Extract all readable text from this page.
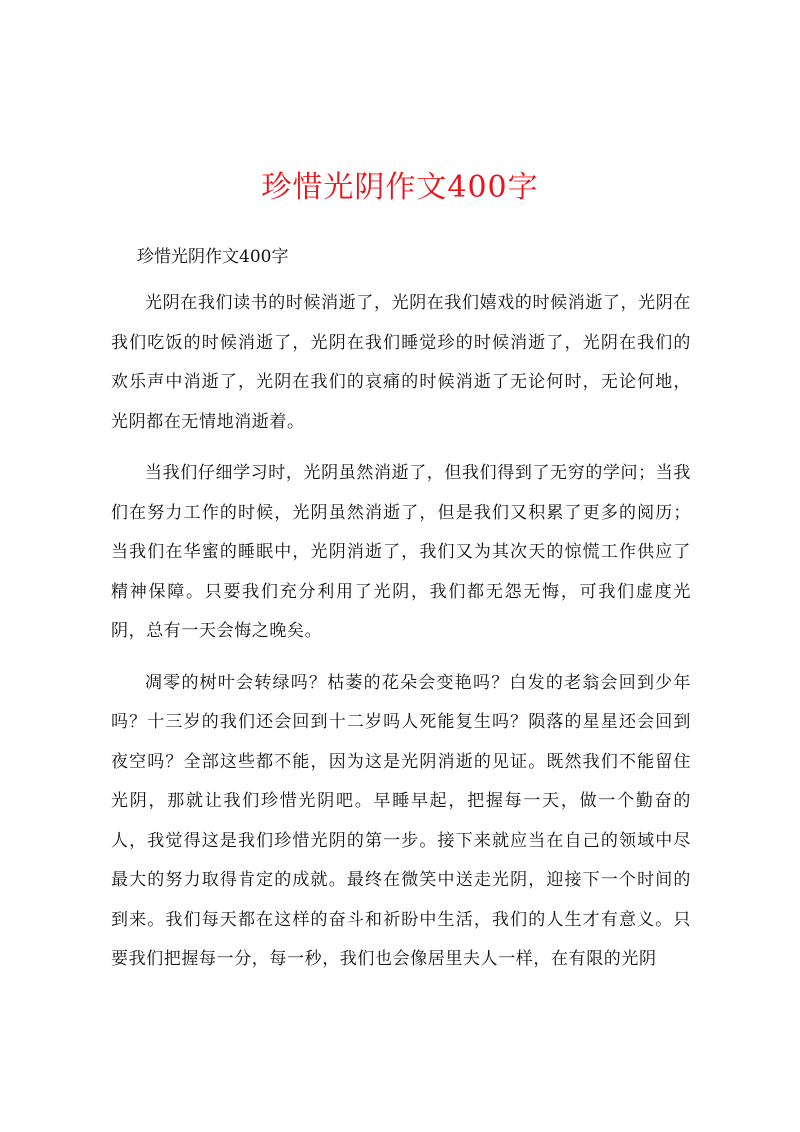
珍惜光阴作文400字

珍惜光阴作文400字

光阴在我们读书的时候消逝了，光阴在我们嬉戏的时候消逝了，光阴在我们吃饭的时候消逝了，光阴在我们睡觉珍的时候消逝了，光阴在我们的欢乐声中消逝了，光阴在我们的哀痛的时候消逝了无论何时，无论何地，光阴都在无情地消逝着。

当我们仔细学习时，光阴虽然消逝了，但我们得到了无穷的学问；当我们在努力工作的时候，光阴虽然消逝了，但是我们又积累了更多的阅历；当我们在华蜜的睡眠中，光阴消逝了，我们又为其次天的惊慌工作供应了精神保障。只要我们充分利用了光阴，我们都无怨无悔，可我们虚度光阴，总有一天会悔之晚矣。

凋零的树叶会转绿吗？枯萎的花朵会变艳吗？白发的老翁会回到少年吗？十三岁的我们还会回到十二岁吗人死能复生吗？陨落的星星还会回到夜空吗？全部这些都不能，因为这是光阴消逝的见证。既然我们不能留住光阴，那就让我们珍惜光阴吧。早睡早起，把握每一天，做一个勤奋的人，我觉得这是我们珍惜光阴的第一步。接下来就应当在自己的领域中尽最大的努力取得肯定的成就。最终在微笑中送走光阴，迎接下一个时间的到来。我们每天都在这样的奋斗和祈盼中生活，我们的人生才有意义。只要我们把握每一分，每一秒，我们也会像居里夫人一样，在有限的光阴
